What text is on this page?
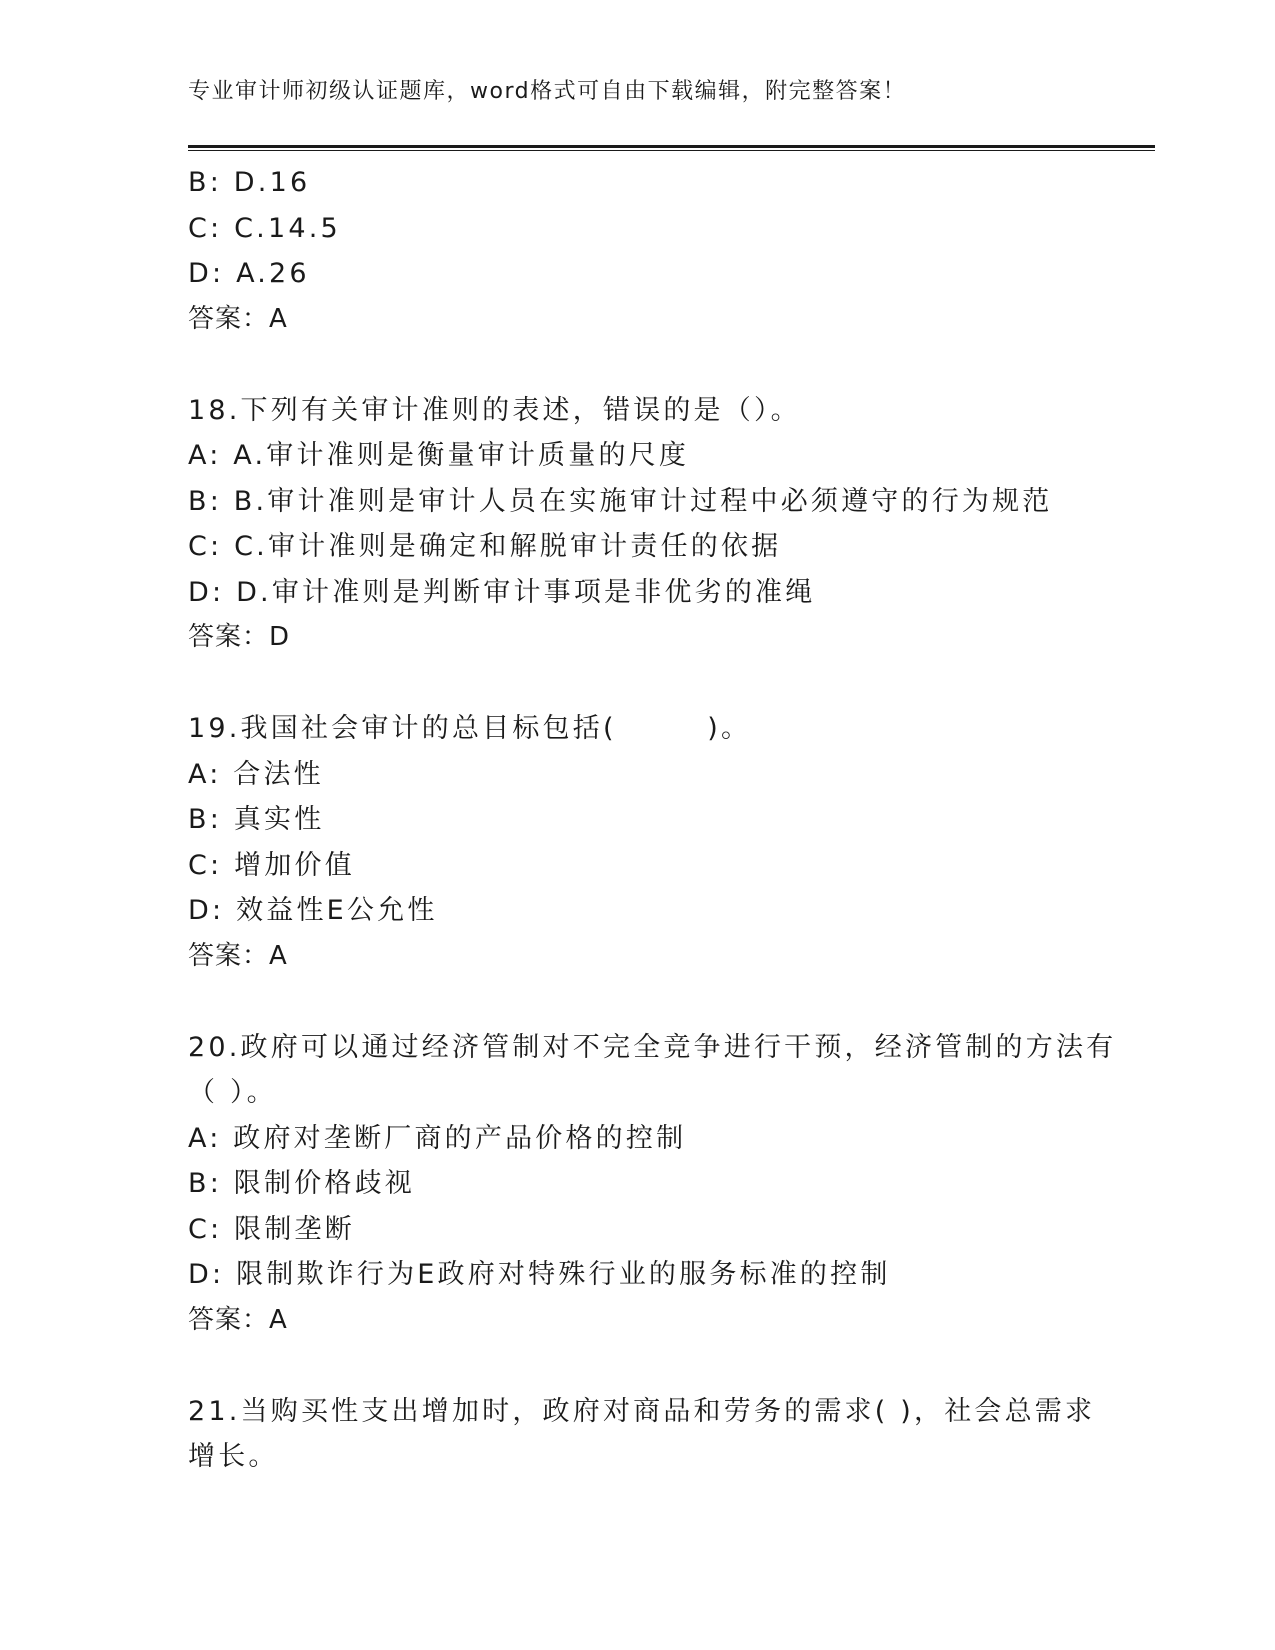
专业审计师初级认证题库，word格式可自由下载编辑，附完整答案！
B: D.16
C: C.14.5
D: A.26
答案：A
18.下列有关审计准则的表述，错误的是（）。
A: A.审计准则是衡量审计质量的尺度
B: B.审计准则是审计人员在实施审计过程中必须遵守的行为规范
C: C.审计准则是确定和解脱审计责任的依据
D: D.审计准则是判断审计事项是非优劣的准绳
答案：D
19.我国社会审计的总目标包括(　　　)。
A: 合法性
B: 真实性
C: 增加价值
D: 效益性E公允性
答案：A
20.政府可以通过经济管制对不完全竞争进行干预，经济管制的方法有
（ ）。
A: 政府对垄断厂商的产品价格的控制
B: 限制价格歧视
C: 限制垄断
D: 限制欺诈行为E政府对特殊行业的服务标准的控制
答案：A
21.当购买性支出增加时，政府对商品和劳务的需求( )，社会总需求
增长。
